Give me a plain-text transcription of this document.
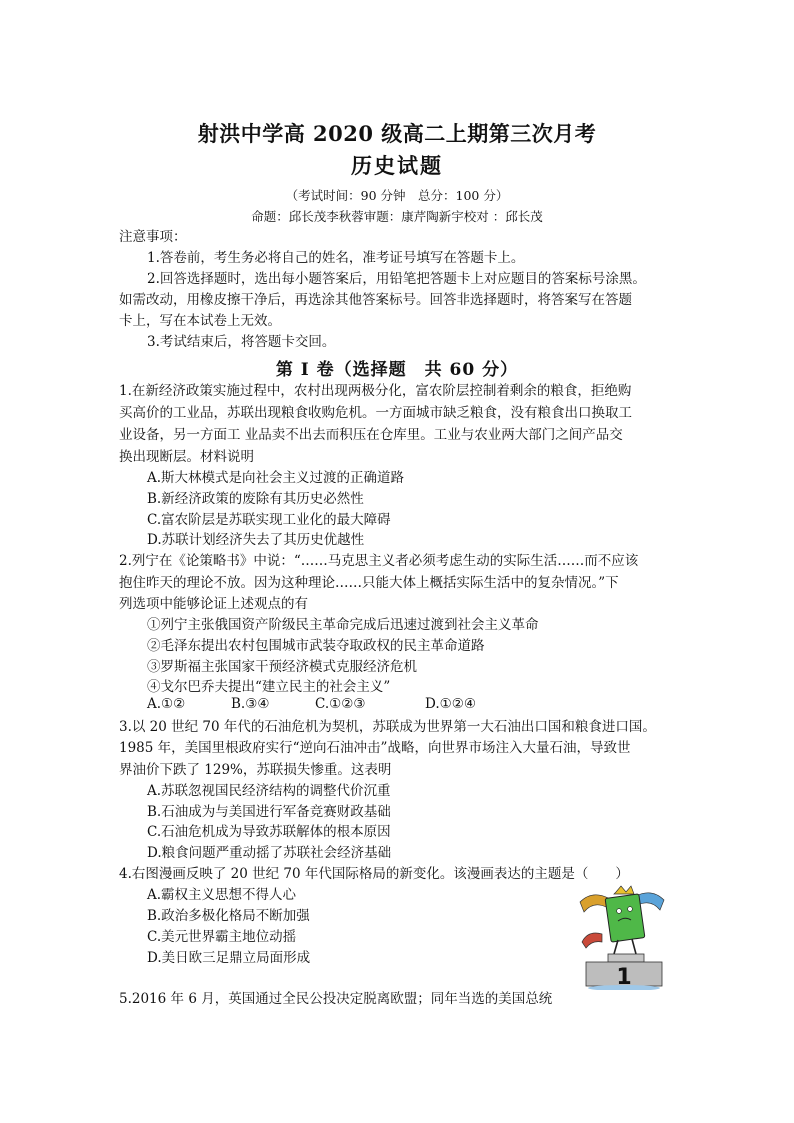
射洪中学高 2020 级高二上期第三次月考
历史试题
（考试时间：90 分钟　总分：100 分）
命题：邱长茂李秋蓉审题：康芹陶新宇校对 ：邱长茂
注意事项：
1.答卷前，考生务必将自己的姓名，准考证号填写在答题卡上。
2.回答选择题时，选出每小题答案后，用铅笔把答题卡上对应题目的答案标号涂黑。
如需改动，用橡皮擦干净后，再选涂其他答案标号。回答非选择题时，将答案写在答题
卡上，写在本试卷上无效。
3.考试结束后，将答题卡交回。
第 I 卷（选择题　共 60 分）
1.在新经济政策实施过程中，农村出现两极分化，富农阶层控制着剩余的粮食，拒绝购
买高价的工业品，苏联出现粮食收购危机。一方面城市缺乏粮食，没有粮食出口换取工
业设备，另一方面工 业品卖不出去而积压在仓库里。工业与农业两大部门之间产品交
换出现断层。材料说明
A.斯大林模式是向社会主义过渡的正确道路
B.新经济政策的废除有其历史必然性
C.富农阶层是苏联实现工业化的最大障碍
D.苏联计划经济失去了其历史优越性
2.列宁在《论策略书》中说：“……马克思主义者必须考虑生动的实际生活……而不应该
抱住昨天的理论不放。因为这种理论……只能大体上概括实际生活中的复杂情况。”下
列选项中能够论证上述观点的有
①列宁主张俄国资产阶级民主革命完成后迅速过渡到社会主义革命
②毛泽东提出农村包围城市武装夺取政权的民主革命道路
③罗斯福主张国家干预经济模式克服经济危机
④戈尔巴乔夫提出“建立民主的社会主义”
A.①②	B.③④	C.①②③	D.①②④
3.以 20 世纪 70 年代的石油危机为契机，苏联成为世界第一大石油出口国和粮食进口国。
1985 年，美国里根政府实行“逆向石油冲击”战略，向世界市场注入大量石油，导致世
界油价下跌了 129%，苏联损失惨重。这表明
A.苏联忽视国民经济结构的调整代价沉重
B.石油成为与美国进行军备竞赛财政基础
C.石油危机成为导致苏联解体的根本原因
D.粮食问题严重动摇了苏联社会经济基础
4.右图漫画反映了 20 世纪 70 年代国际格局的新变化。该漫画表达的主题是（　　）
A.霸权主义思想不得人心
B.政治多极化格局不断加强
C.美元世界霸主地位动摇
D.美日欧三足鼎立局面形成
1
5.2016 年 6 月，英国通过全民公投决定脱离欧盟；同年当选的美国总统
